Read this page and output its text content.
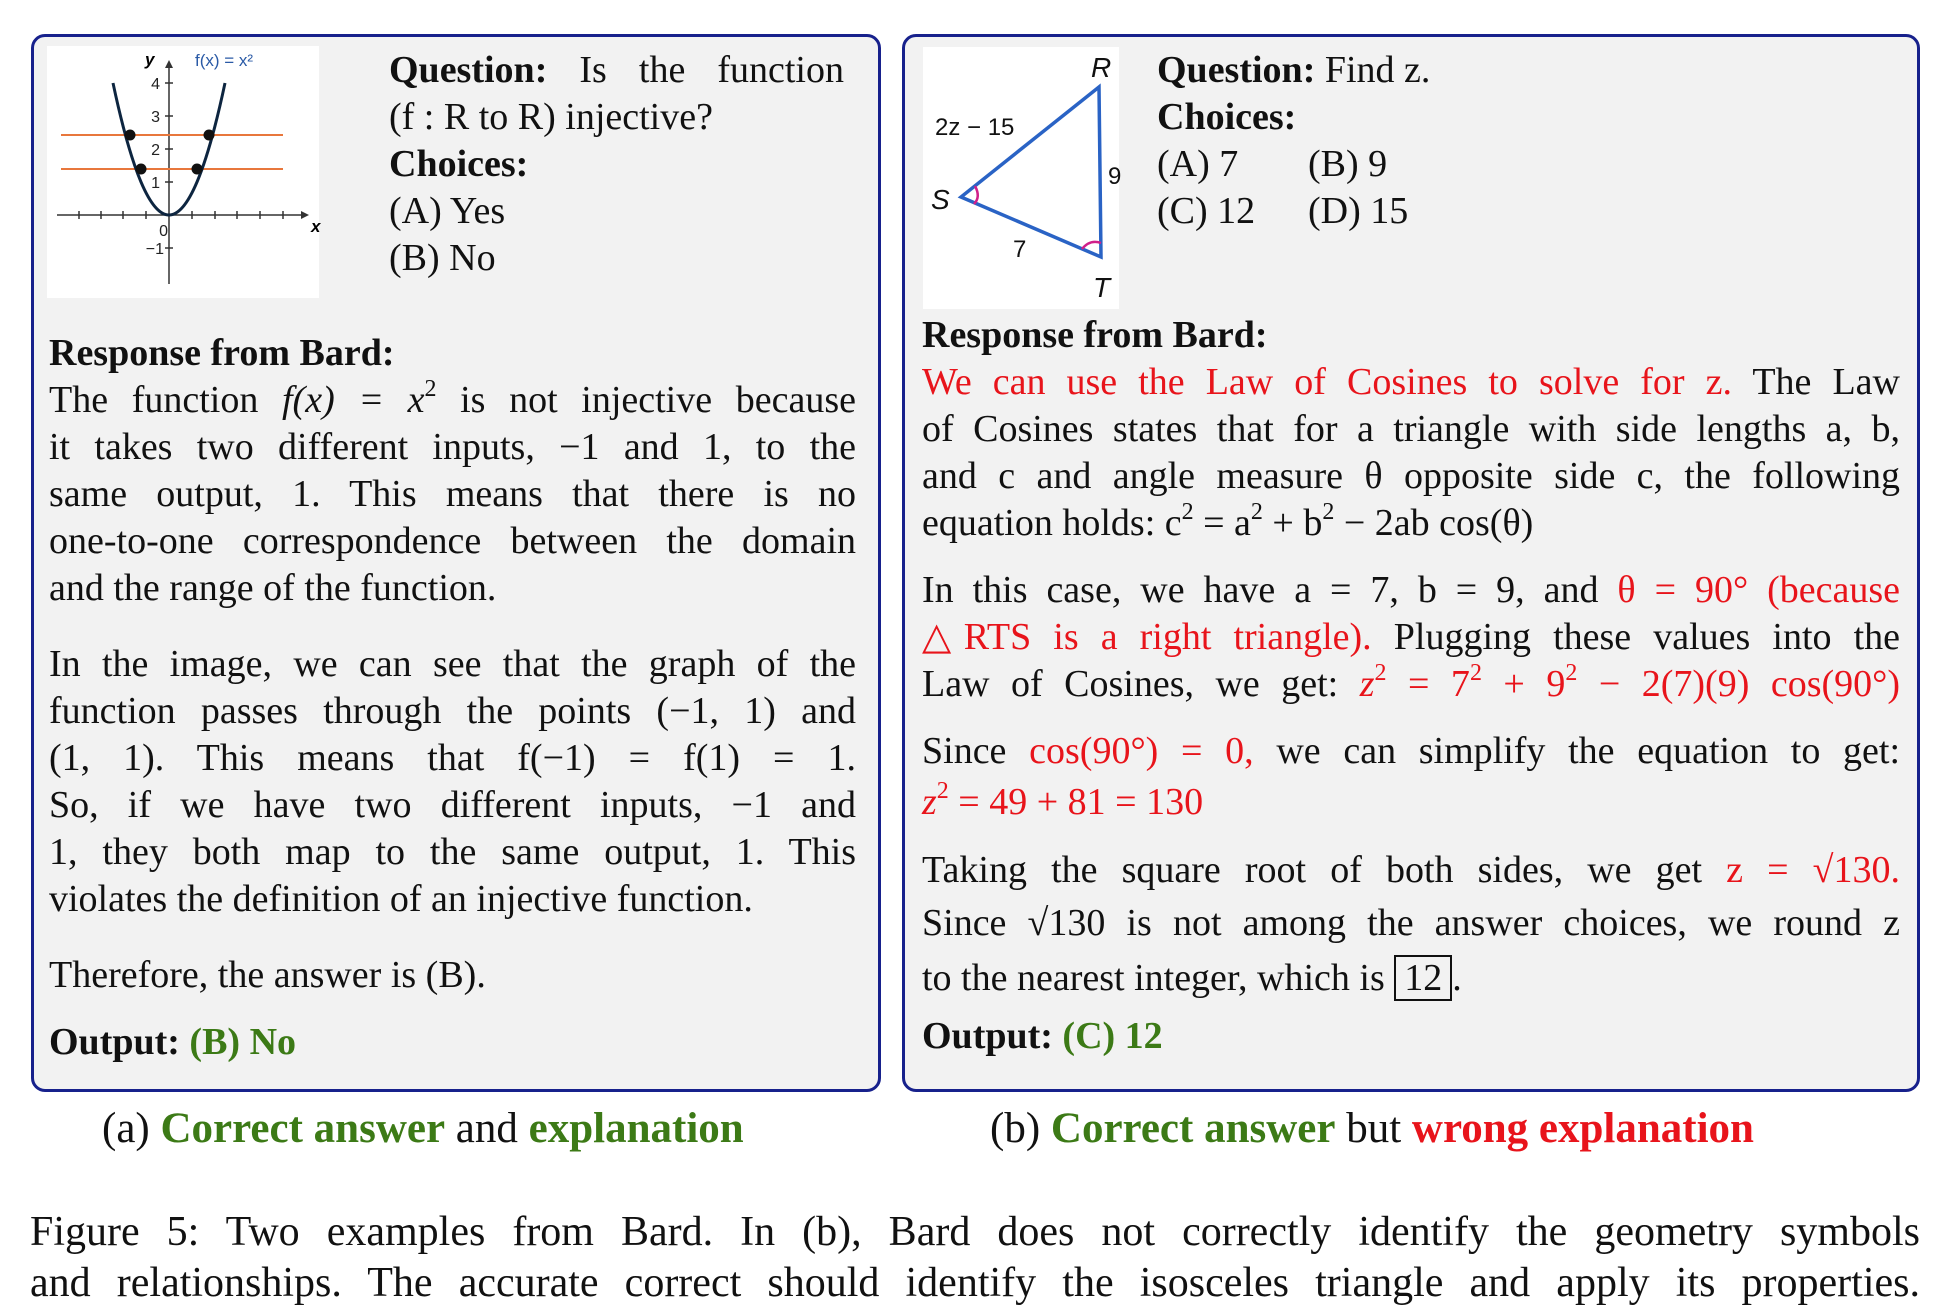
y
x
f(x) = x²
4
3
2
1
0
−1
Question: Is the function
(f : R to R) injective?
Choices:
(A) Yes
(B) No
Response from Bard:
The function $f(x) = x^2$ is not injective because
it takes two different inputs, −1 and 1, to the
same output, 1. This means that there is no
one-to-one correspondence between the domain
and the range of the function.
In the image, we can see that the graph of the
function passes through the points (−1, 1) and
(1, 1). This means that f(−1) = f(1) = 1.
So, if we have two different inputs, −1 and
1, they both map to the same output, 1. This
violates the definition of an injective function.
Therefore, the answer is (B).
Output: (B) No
R
S
T
2z − 15
9
7
Question: Find z.
Choices:
(A) 7 (B) 9
(C) 12 (D) 15
Response from Bard:
We can use the Law of Cosines to solve for z. The Law
of Cosines states that for a triangle with side lengths a, b,
and c and angle measure θ opposite side c, the following
equation holds: $c^2 = a^2 + b^2 - 2ab$ cos(θ)
In this case, we have a = 7, b = 9, and θ = 90° (because
△RTS is a right triangle). Plugging these values into the
Law of Cosines, we get: $z^2 = 7^2 + 9^2 - 2(7)(9)$ cos(90°)
Since cos(90°) = 0, we can simplify the equation to get:
$z^2 = 49 + 81 = 130$
Taking the square root of both sides, we get z = √130.
Since √130 is not among the answer choices, we round z
to the nearest integer, which is 12 .
Output: (C) 12
(a) Correct answer and explanation	(b) Correct answer but wrong explanation
Figure 5: Two examples from Bard. In (b), Bard does not correctly identify the geometry symbols
and relationships. The accurate correct should identify the isosceles triangle and apply its properties.
